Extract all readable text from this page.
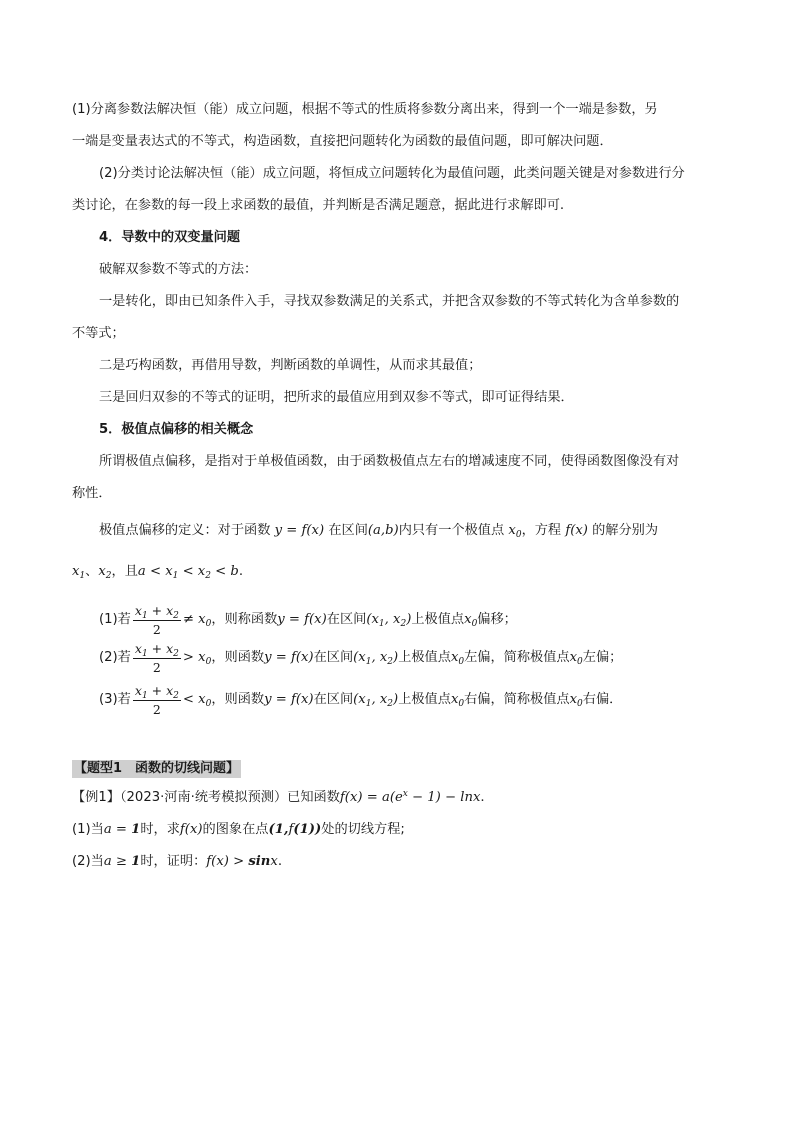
(1)分离参数法解决恒（能）成立问题，根据不等式的性质将参数分离出来，得到一个一端是参数，另
一端是变量表达式的不等式，构造函数，直接把问题转化为函数的最值问题，即可解决问题．
(2)分类讨论法解决恒（能）成立问题，将恒成立问题转化为最值问题，此类问题关键是对参数进行分
类讨论，在参数的每一段上求函数的最值，并判断是否满足题意，据此进行求解即可.
4．导数中的双变量问题
破解双参数不等式的方法：
一是转化，即由已知条件入手，寻找双参数满足的关系式，并把含双参数的不等式转化为含单参数的
不等式；
二是巧构函数，再借用导数，判断函数的单调性，从而求其最值；
三是回归双参的不等式的证明，把所求的最值应用到双参不等式，即可证得结果．
5．极值点偏移的相关概念
所谓极值点偏移，是指对于单极值函数，由于函数极值点左右的增减速度不同，使得函数图像没有对
称性．
极值点偏移的定义：对于函数 y = f(x) 在区间(a,b)内只有一个极值点 $x_0$，方程 f(x) 的解分别为
$x_1$、$x_2$，且$a < x_1 < x_2 < b$.
(1)若 $\frac{x_1 + x_2}{2} \ne x_0$ ，则称函数 y = f(x) 在区间 ($x_1$, $x_2$) 上极值点 $x_0$ 偏移；
(2)若 $\frac{x_1 + x_2}{2} > x_0$ ，则函数 y = f(x) 在区间 ($x_1$, $x_2$) 上极值点 $x_0$ 左偏，简称极值点 $x_0$ 左偏；
(3)若 $\frac{x_1 + x_2}{2} < x_0$ ，则函数 y = f(x) 在区间 ($x_1$, $x_2$) 上极值点 $x_0$ 右偏，简称极值点 $x_0$ 右偏．
【题型1　函数的切线问题】
【例1】（2023·河南·统考模拟预测）已知函数$f(x) = a(e^x - 1) - \ln x$.
(1)当a = 1时，求f(x)的图象在点(1,f(1))处的切线方程;
(2)当a ≥ 1时，证明：f(x) > sinx.
